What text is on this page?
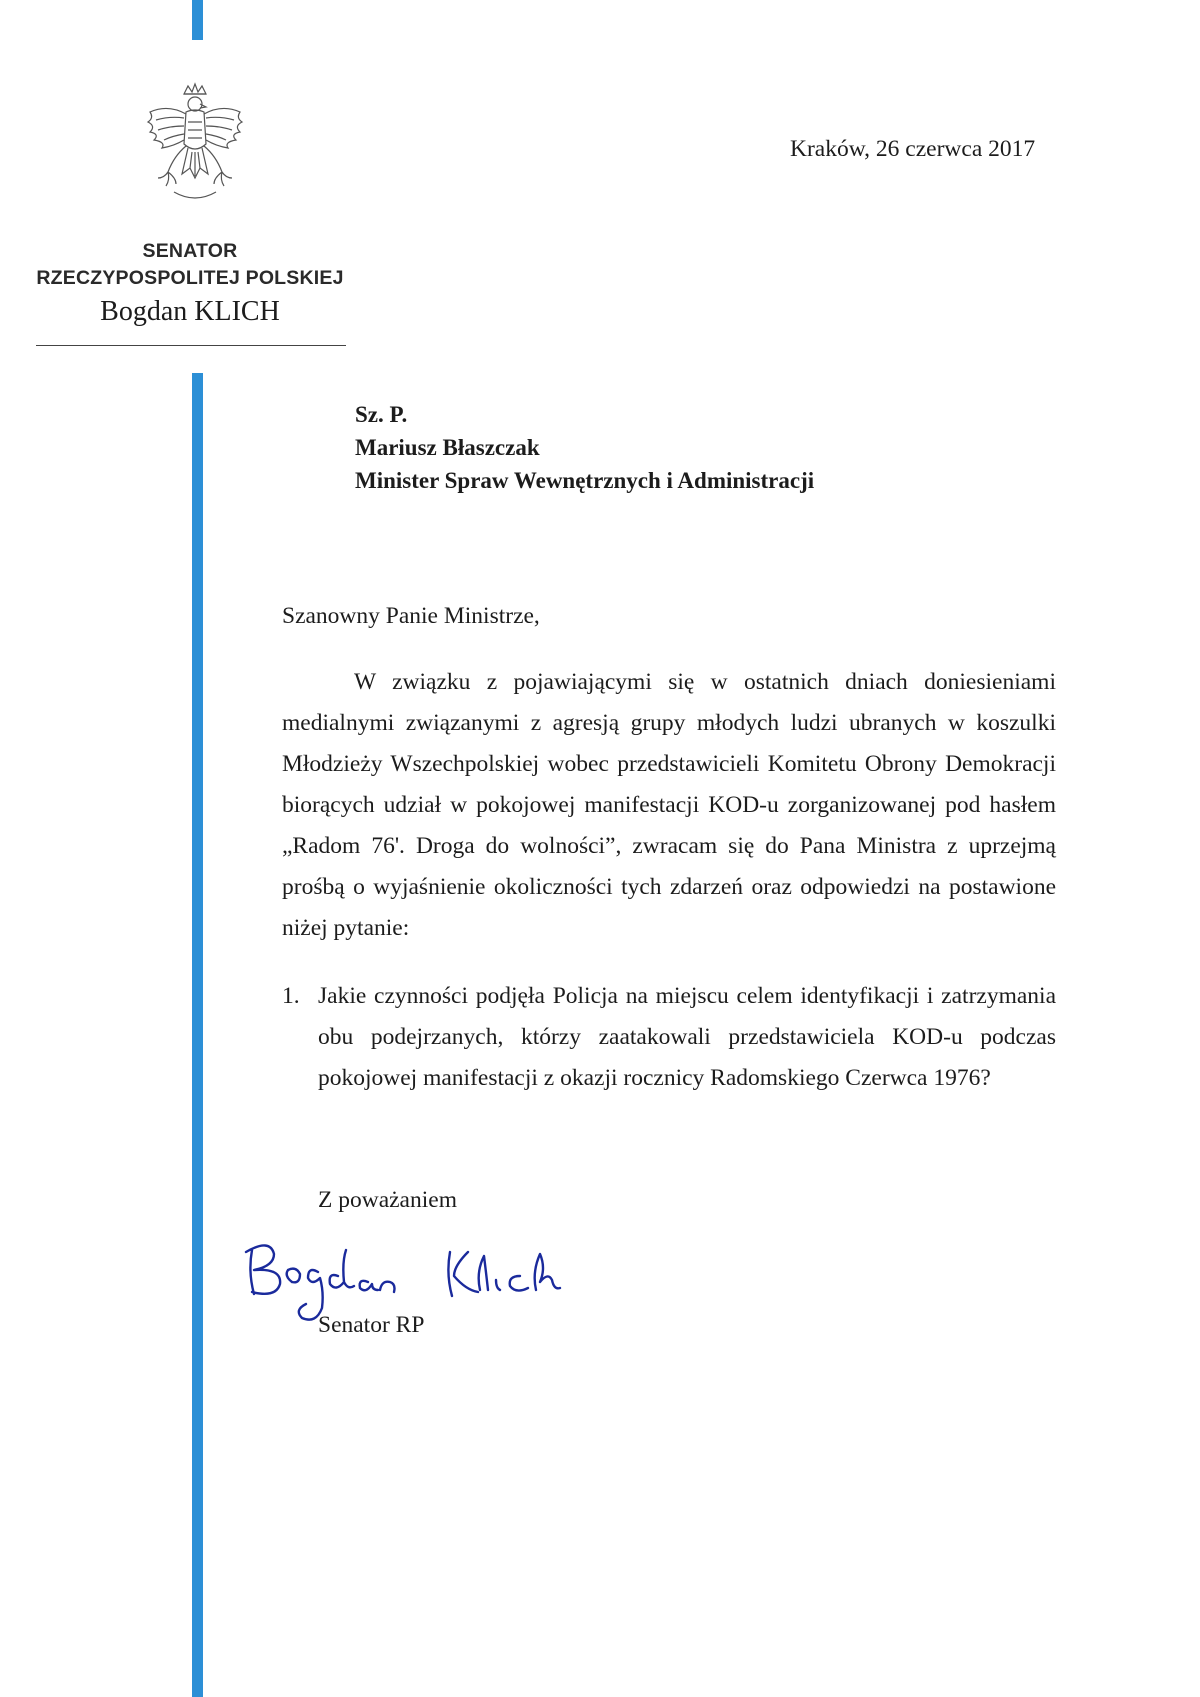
SENATOR
RZECZYPOSPOLITEJ POLSKIEJ
Bogdan KLICH
Kraków, 26 czerwca 2017
Sz. P.
Mariusz Błaszczak
Minister Spraw Wewnętrznych i Administracji
Szanowny Panie Ministrze,

W związku z pojawiającymi się w ostatnich dniach doniesieniami medialnymi związanymi z agresją grupy młodych ludzi ubranych w koszulki Młodzieży Wszechpolskiej wobec przedstawicieli Komitetu Obrony Demokracji biorących udział w pokojowej manifestacji KOD-u zorganizowanej pod hasłem „Radom 76'. Droga do wolności”, zwracam się do Pana Ministra z uprzejmą prośbą o wyjaśnienie okoliczności tych zdarzeń oraz odpowiedzi na postawione niżej pytanie:

1. Jakie czynności podjęła Policja na miejscu celem identyfikacji i zatrzymania obu podejrzanych, którzy zaatakowali przedstawiciela KOD-u podczas pokojowej manifestacji z okazji rocznicy Radomskiego Czerwca 1976?
Z poważaniem
Senator RP
